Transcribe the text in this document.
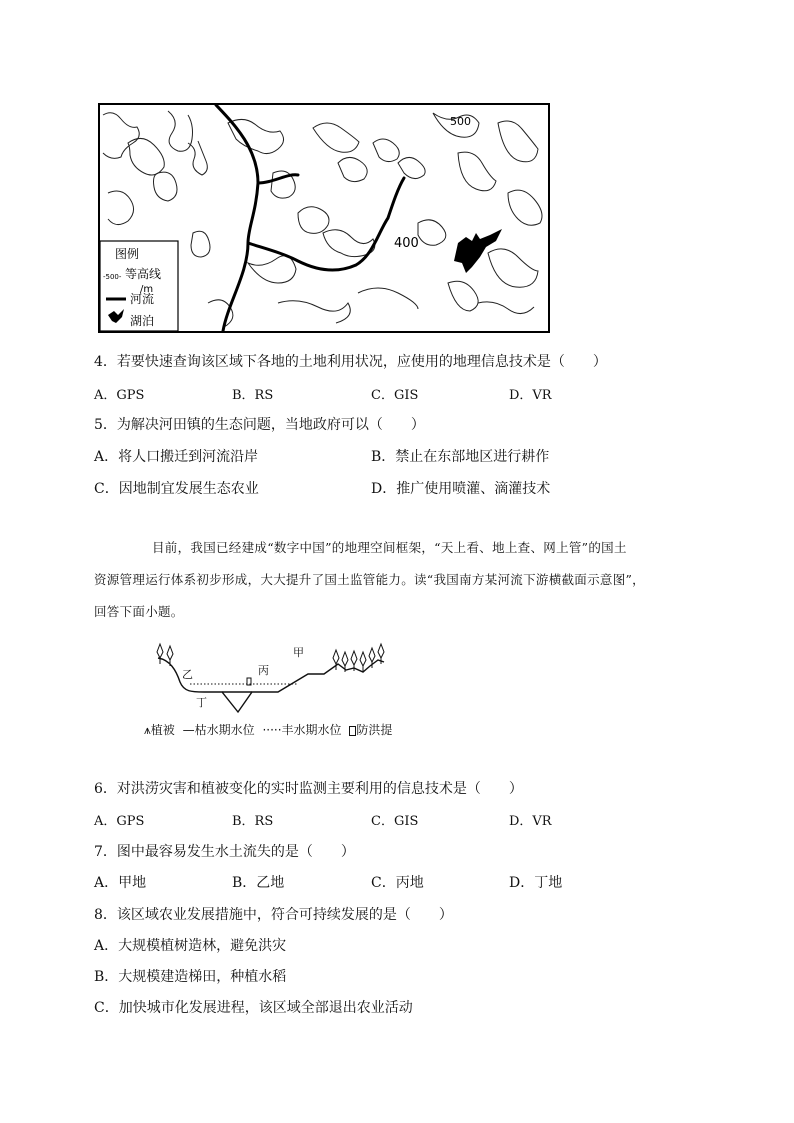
500
400
图例
-500- 等高线
/m
河流
湖泊
4．若要快速查询该区域下各地的土地利用状况，应使用的地理信息技术是（　　）
A．GPS	B．RS	C．GIS	D．VR
5．为解决河田镇的生态问题，当地政府可以（　　）
A．将人口搬迁到河流沿岸	B．禁止在东部地区进行耕作
C．因地制宜发展生态农业	D．推广使用喷灌、滴灌技术
目前，我国已经建成“数字中国”的地理空间框架，“天上看、地上查、网上管”的国土
资源管理运行体系初步形成，大大提升了国土监管能力。读“我国南方某河流下游横截面示意图”，
回答下面小题。
甲
乙	丙
丁
⩚植被 —枯水期水位 ·····丰水期水位 防洪提
6．对洪涝灾害和植被变化的实时监测主要利用的信息技术是（　　）
A．GPS	B．RS	C．GIS	D．VR
7．图中最容易发生水土流失的是（　　）
A．甲地	B．乙地	C．丙地	D．丁地
8．该区域农业发展措施中，符合可持续发展的是（　　）
A．大规模植树造林，避免洪灾
B．大规模建造梯田，种植水稻
C．加快城市化发展进程，该区域全部退出农业活动
